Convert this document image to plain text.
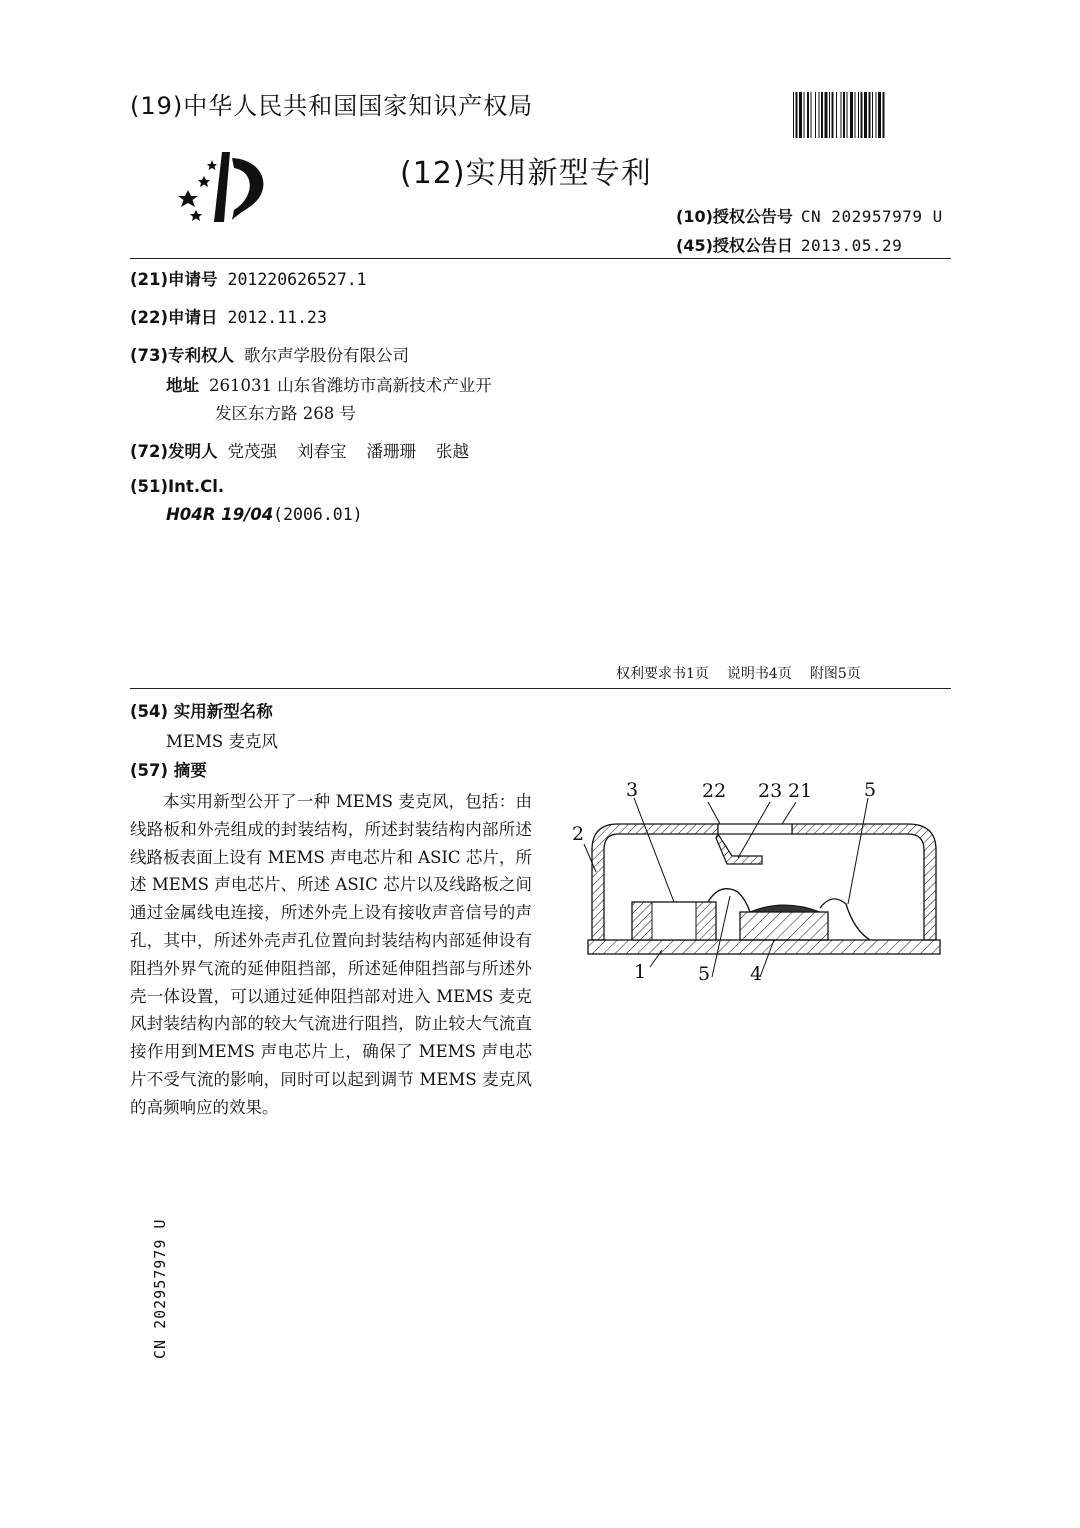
(19)中华人民共和国国家知识产权局
(12)实用新型专利
(10)授权公告号 CN 202957979 U
(45)授权公告日 2013.05.29
(21)申请号 201220626527.1
(22)申请日 2012.11.23
(73)专利权人 歌尔声学股份有限公司
地址 261031 山东省潍坊市高新技术产业开
发区东方路 268 号
(72)发明人 党茂强 刘春宝 潘珊珊 张越
(51)Int.Cl.
H04R 19/04(2006.01)
权利要求书1页 说明书4页 附图5页
(54) 实用新型名称
MEMS 麦克风
(57) 摘要
本实用新型公开了一种 MEMS 麦克风，包括：由线路板和外壳组成的封装结构，所述封装结构内部所述线路板表面上设有 MEMS 声电芯片和 ASIC 芯片，所述 MEMS 声电芯片、所述 ASIC 芯片以及线路板之间通过金属线电连接，所述外壳上设有接收声音信号的声孔，其中，所述外壳声孔位置向封装结构内部延伸设有阻挡外界气流的延伸阻挡部，所述延伸阻挡部与所述外壳一体设置，可以通过延伸阻挡部对进入 MEMS 麦克风封装结构内部的较大气流进行阻挡，防止较大气流直接作用到MEMS 声电芯片上，确保了 MEMS 声电芯片不受气流的影响，同时可以起到调节 MEMS 麦克风的高频响应的效果。
3	22 23 21	5
2
1	5 4
CN 202957979 U
